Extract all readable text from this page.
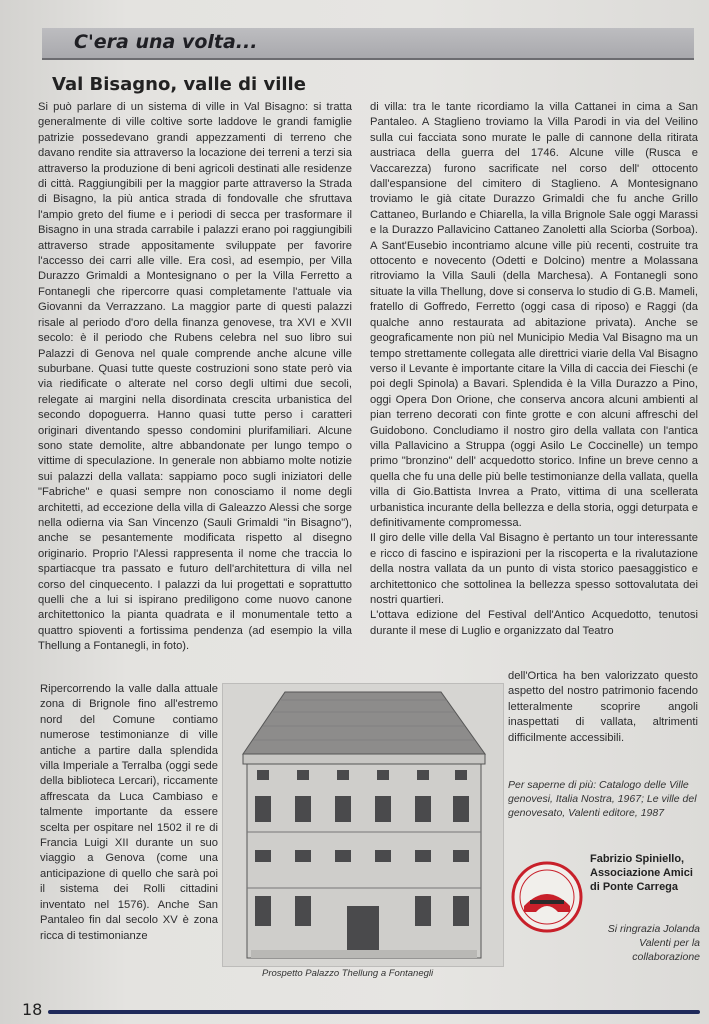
C'era una volta...
Val Bisagno, valle di ville

Si può parlare di un sistema di ville in Val Bisagno: si tratta generalmente di ville coltive sorte laddove le grandi famiglie patrizie possedevano grandi appezzamenti di terreno che davano rendite sia attraverso la locazione dei terreni a terzi sia attraverso la produzione di beni agricoli destinati alle residenze di città. Raggiungibili per la maggior parte attraverso la Strada di Bisagno, la più antica strada di fondovalle che sfruttava l'ampio greto del fiume e i periodi di secca per trasformare il Bisagno in una strada carrabile i palazzi erano poi raggiungibili attraverso strade appositamente sviluppate per favorire l'accesso dei carri alle ville. Era così, ad esempio, per Villa Durazzo Grimaldi a Montesignano o per la Villa Ferretto a Fontanegli che ripercorre quasi completamente l'attuale via Giovanni da Verrazzano. La maggior parte di questi palazzi risale al periodo d'oro della finanza genovese, tra XVI e XVII secolo: è il periodo che Rubens celebra nel suo libro sui Palazzi di Genova nel quale comprende anche alcune ville suburbane. Quasi tutte queste costruzioni sono state però via via riedificate o alterate nel corso degli ultimi due secoli, relegate ai margini nella disordinata crescita urbanistica del secondo dopoguerra. Hanno quasi tutte perso i caratteri originari diventando spesso condomini plurifamiliari. Alcune sono state demolite, altre abbandonate per lungo tempo o vittime di speculazione. In generale non abbiamo molte notizie sui palazzi della vallata: sappiamo poco sugli iniziatori delle "Fabriche" e quasi sempre non conosciamo il nome degli architetti, ad eccezione della villa di Galeazzo Alessi che sorge nella odierna via San Vincenzo (Sauli Grimaldi "in Bisagno"), anche se pesantemente modificata rispetto al disegno originario. Proprio l'Alessi rappresenta il nome che traccia lo spartiacque tra passato e futuro dell'architettura di villa nel corso del cinquecento. I palazzi da lui progettati e soprattutto quelli che a lui si ispirano prediligono come nuovo canone architettonico la pianta quadrata e il monumentale tetto a quattro spioventi a fortissima pendenza (ad esempio la villa Thellung a Fontanegli, in foto).

Ripercorrendo la valle dalla attuale zona di Brignole fino all'estremo nord del Comune contiamo numerose testimonianze di ville antiche a partire dalla splendida villa Imperiale a Terralba (oggi sede della biblioteca Lercari), riccamente affrescata da Luca Cambiaso e talmente importante da essere scelta per ospitare nel 1502 il re di Francia Luigi XII durante un suo viaggio a Genova (come una anticipazione di quello che sarà poi il sistema dei Rolli cittadini inventato nel 1576). Anche San Pantaleo fin dal secolo XV è zona ricca di testimonianze

di villa: tra le tante ricordiamo la villa Cattanei in cima a San Pantaleo. A Staglieno troviamo la Villa Parodi in via del Veilino sulla cui facciata sono murate le palle di cannone della ritirata austriaca della guerra del 1746. Alcune ville (Rusca e Vaccarezza) furono sacrificate nel corso dell' ottocento dall'espansione del cimitero di Staglieno. A Montesignano troviamo le già citate Durazzo Grimaldi che fu anche Grillo Cattaneo, Burlando e Chiarella, la villa Brignole Sale oggi Marassi e la Durazzo Pallavicino Cattaneo Zanoletti alla Sciorba (Sorboa). A Sant'Eusebio incontriamo alcune ville più recenti, costruite tra ottocento e novecento (Odetti e Dolcino) mentre a Molassana ritroviamo la Villa Sauli (della Marchesa). A Fontanegli sono situate la villa Thellung, dove si conserva lo studio di G.B. Mameli, fratello di Goffredo, Ferretto (oggi casa di riposo) e Raggi (da qualche anno restaurata ad abitazione privata). Anche se geograficamente non più nel Municipio Media Val Bisagno ma un tempo strettamente collegata alle direttrici viarie della Val Bisagno verso il Levante è importante citare la Villa di caccia dei Fieschi (e poi degli Spinola) a Bavari. Splendida è la Villa Durazzo a Pino, oggi Opera Don Orione, che conserva ancora alcuni ambienti al pian terreno decorati con finte grotte e con alcuni affreschi del Guidobono. Concludiamo il nostro giro della vallata con l'antica villa Pallavicino a Struppa (oggi Asilo Le Coccinelle) un tempo primo "bronzino" dell' acquedotto storico. Infine un breve cenno a quella che fu una delle più belle testimonianze della vallata, quella villa di Gio.Battista Invrea a Prato, vittima di una scellerata urbanistica incurante della bellezza e della storia, oggi deturpata e definitivamente compromessa.

Il giro delle ville della Val Bisagno è pertanto un tour interessante e ricco di fascino e ispirazioni per la riscoperta e la rivalutazione della nostra vallata da un punto di vista storico paesaggistico e architettonico che sottolinea la bellezza spesso sottovalutata dei nostri quartieri.

L'ottava edizione del Festival dell'Antico Acquedotto, tenutosi durante il mese di Luglio e organizzato dal Teatro

dell'Ortica ha ben valorizzato questo aspetto del nostro patrimonio facendo letteralmente scoprire angoli inaspettati di vallata, altrimenti difficilmente accessibili.

Prospetto Palazzo Thellung a Fontanegli
Per saperne di più: Catalogo delle Ville genovesi, Italia Nostra, 1967; Le ville del genovesato, Valenti editore, 1987
Fabrizio Spiniello,
Associazione Amici di Ponte Carrega
Si ringrazia Jolanda Valenti per la collaborazione
18
